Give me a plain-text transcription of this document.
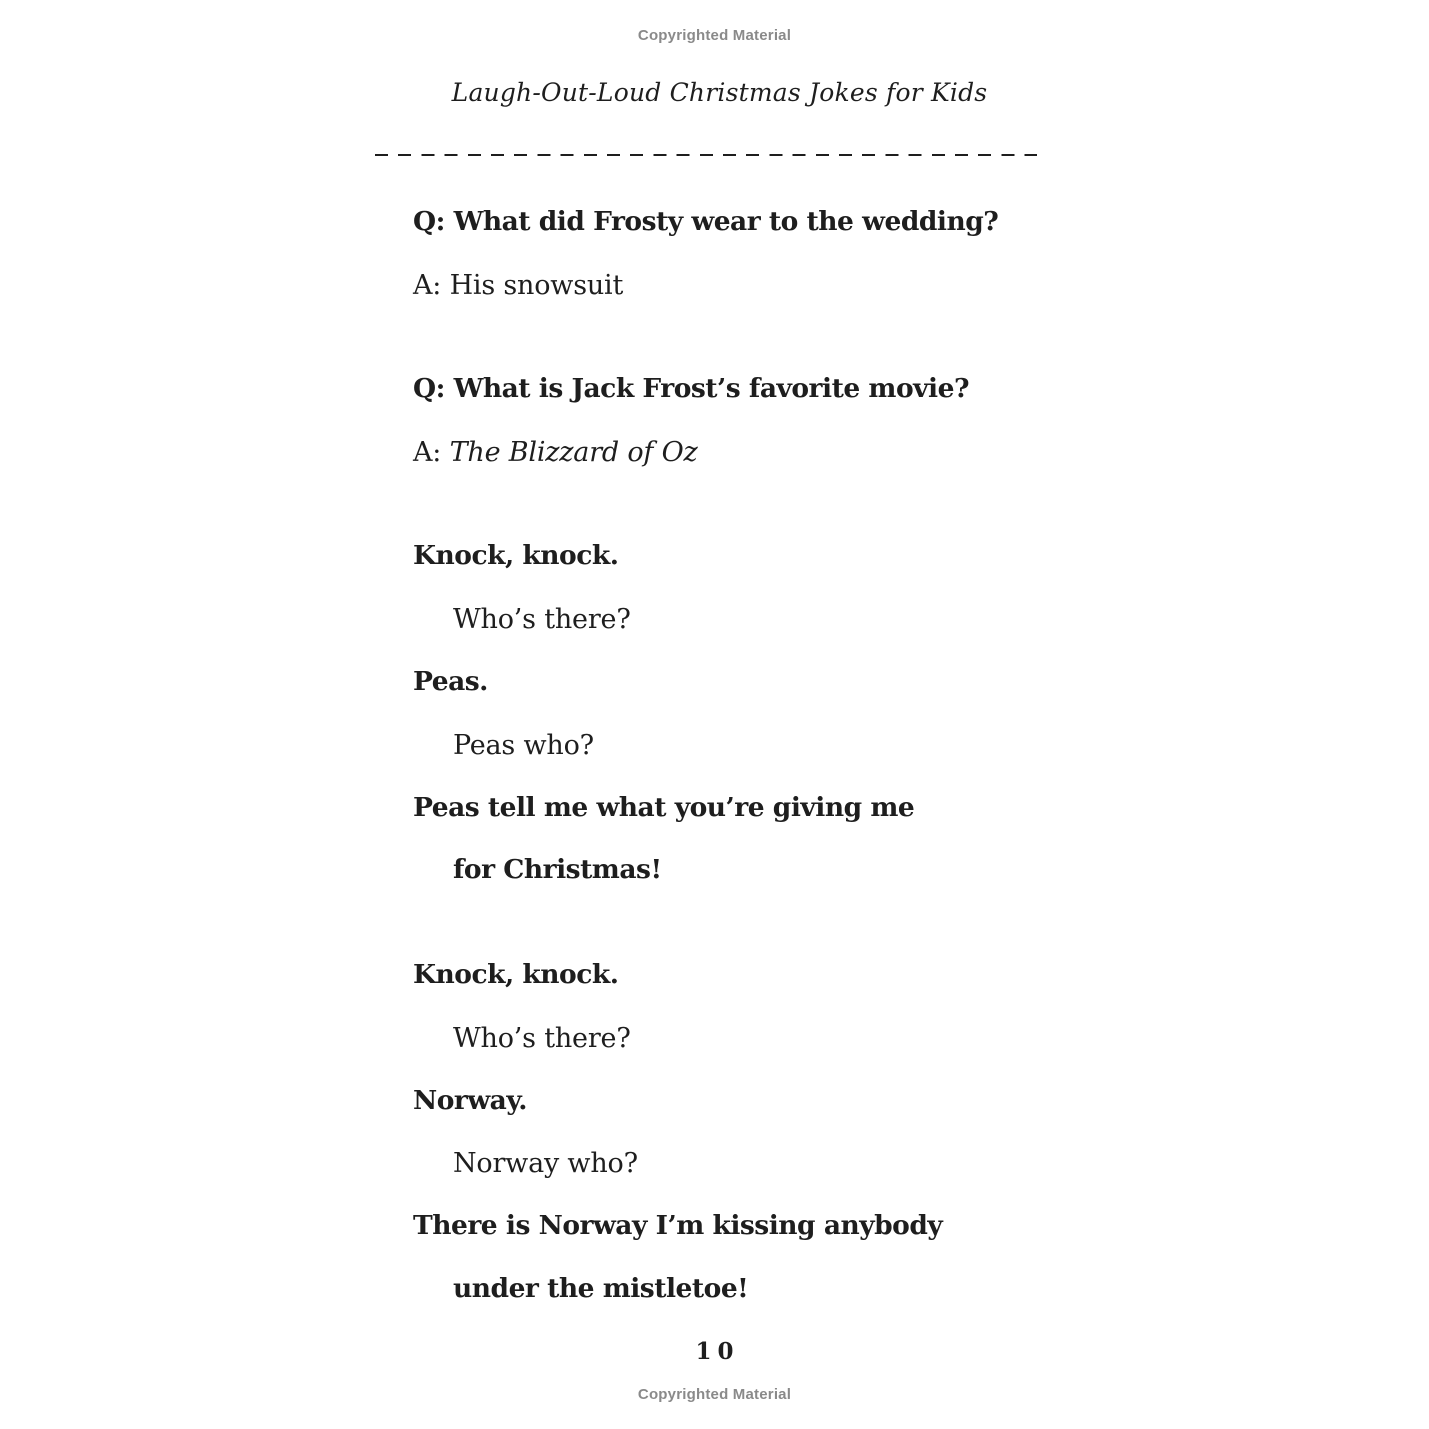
Copyrighted Material
Laugh-Out-Loud Christmas Jokes for Kids
Q: What did Frosty wear to the wedding?
A: His snowsuit
Q: What is Jack Frost’s favorite movie?
A: The Blizzard of Oz
Knock, knock.
Who’s there?
Peas.
Peas who?
Peas tell me what you’re giving me
for Christmas!
Knock, knock.
Who’s there?
Norway.
Norway who?
There is Norway I’m kissing anybody
under the mistletoe!
10
Copyrighted Material
